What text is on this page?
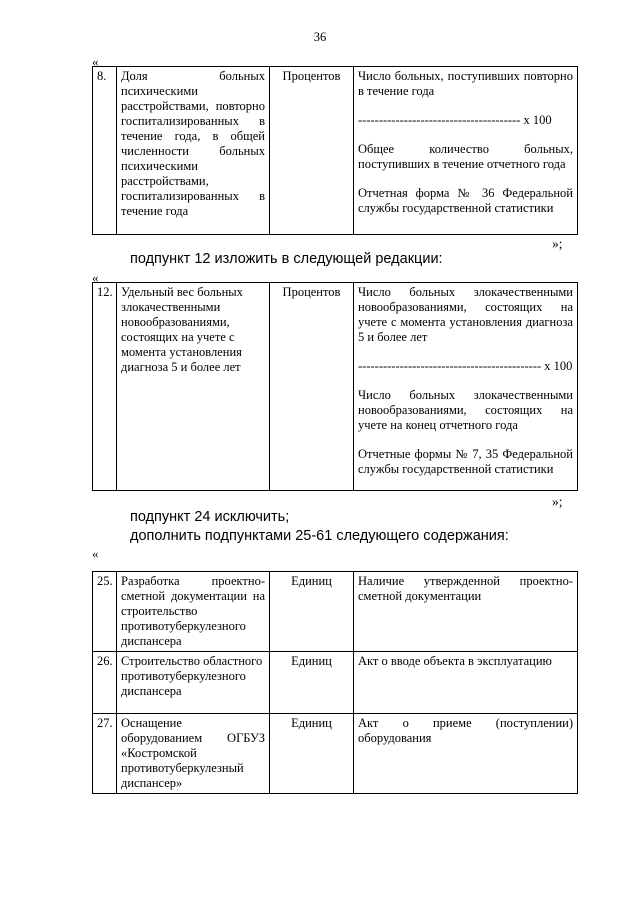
36
«
8.	Доля больных психическими расстройствами, повторно госпитализированных в течение года, в общей численности больных психическими расстройствами, госпитализированных в течение года	Процентов	Число больных, поступивших повторно в течение года

--------------------------------------- х 100

Общее количество больных, поступивших в течение отчетного года

Отчетная форма № 36 Федеральной службы государственной статистики

»;
подпункт 12 изложить в следующей редакции:
«
12.	Удельный вес больных злокачественными новообразованиями, состоящих на учете с момента установления диагноза 5 и более лет	Процентов	Число больных злокачественными новообразованиями, состоящих на учете с момента установления диагноза 5 и более лет

-------------------------------------------- х 100

Число больных злокачественными новообразованиями, состоящих на учете на конец отчетного года

Отчетные формы № 7, 35 Федеральной службы государственной статистики

»;
подпункт 24 исключить;
дополнить подпунктами 25-61 следующего содержания:
«
25.	Разработка проектно-сметной документации на строительство противотуберкулезного диспансера	Единиц	Наличие утвержденной проектно-сметной документации
26.	Строительство областного противотуберкулезного диспансера	Единиц	Акт о вводе объекта в эксплуатацию
27.	Оснащение оборудованием ОГБУЗ «Костромской противотуберкулезный диспансер»	Единиц	Акт о приеме (поступлении) оборудования
